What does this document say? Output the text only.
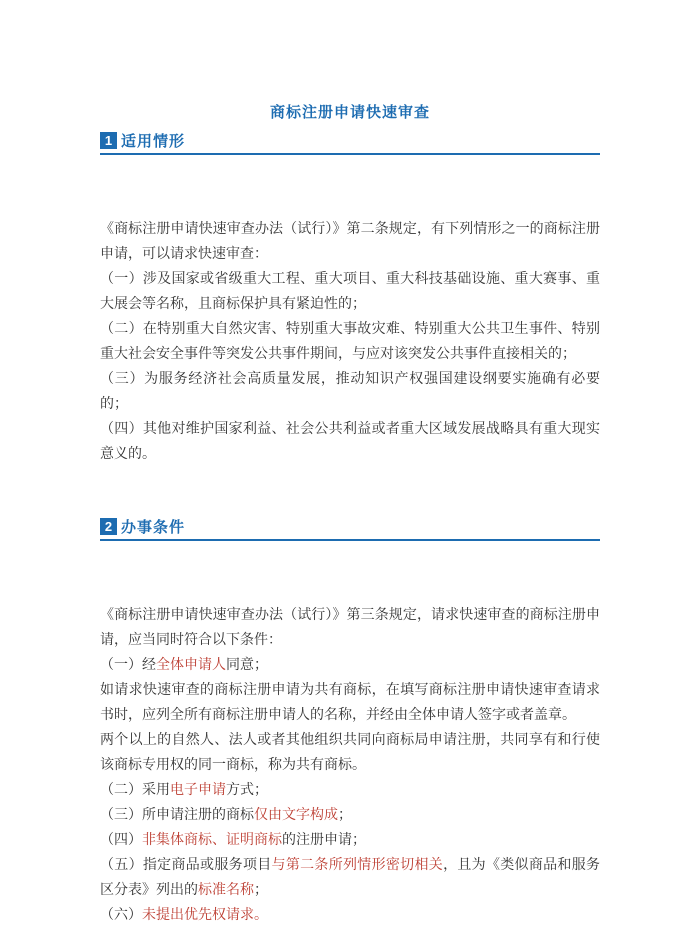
商标注册申请快速审查
1 适用情形

《商标注册申请快速审查办法（试行）》第二条规定，有下列情形之一的商标注册申请，可以请求快速审查：

（一）涉及国家或省级重大工程、重大项目、重大科技基础设施、重大赛事、重大展会等名称，且商标保护具有紧迫性的；

（二）在特别重大自然灾害、特别重大事故灾难、特别重大公共卫生事件、特别重大社会安全事件等突发公共事件期间，与应对该突发公共事件直接相关的；

（三）为服务经济社会高质量发展，推动知识产权强国建设纲要实施确有必要的；

（四）其他对维护国家利益、社会公共利益或者重大区域发展战略具有重大现实意义的。

2 办事条件

《商标注册申请快速审查办法（试行）》第三条规定，请求快速审查的商标注册申请，应当同时符合以下条件：

（一）经全体申请人同意；

如请求快速审查的商标注册申请为共有商标，在填写商标注册申请快速审查请求书时，应列全所有商标注册申请人的名称，并经由全体申请人签字或者盖章。

两个以上的自然人、法人或者其他组织共同向商标局申请注册，共同享有和行使该商标专用权的同一商标，称为共有商标。

（二）采用电子申请方式；

（三）所申请注册的商标仅由文字构成；

（四）非集体商标、证明商标的注册申请；

（五）指定商品或服务项目与第二条所列情形密切相关，且为《类似商品和服务区分表》列出的标准名称；

（六）未提出优先权请求。
